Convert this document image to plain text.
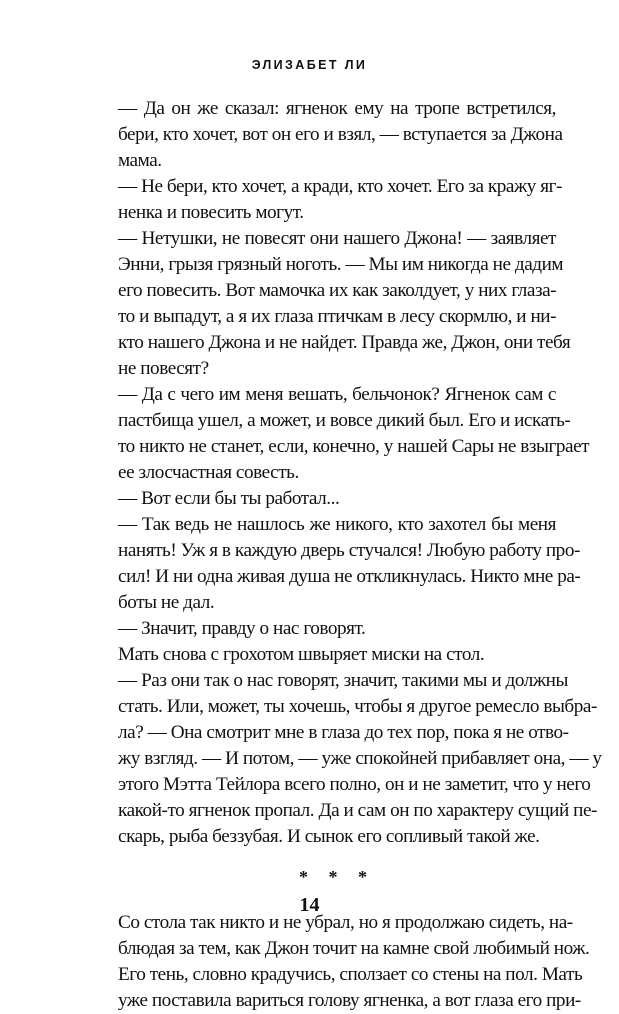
ЭЛИЗАБЕТ ЛИ
— Да он же сказал: ягненок ему на тропе встретился,
бери, кто хочет, вот он его и взял, — вступается за Джона
мама.
— Не бери, кто хочет, а кради, кто хочет. Его за кражу яг-
ненка и повесить могут.
— Нетушки, не повесят они нашего Джона! — заявляет
Энни, грызя грязный ноготь. — Мы им никогда не дадим
его повесить. Вот мамочка их как заколдует, у них глаза-
то и выпадут, а я их глаза птичкам в лесу скормлю, и ни-
кто нашего Джона и не найдет. Правда же, Джон, они тебя
не повесят?
— Да с чего им меня вешать, бельчонок? Ягненок сам с
пастбища ушел, а может, и вовсе дикий был. Его и искать-
то никто не станет, если, конечно, у нашей Сары не взыграет
ее злосчастная совесть.
— Вот если бы ты работал...
— Так ведь не нашлось же никого, кто захотел бы меня
нанять! Уж я в каждую дверь стучался! Любую работу про-
сил! И ни одна живая душа не откликнулась. Никто мне ра-
боты не дал.
— Значит, правду о нас говорят.
Мать снова с грохотом швыряет миски на стол.
— Раз они так о нас говорят, значит, такими мы и должны
стать. Или, может, ты хочешь, чтобы я другое ремесло выбра-
ла? — Она смотрит мне в глаза до тех пор, пока я не отво-
жу взгляд. — И потом, — уже спокойней прибавляет она, — у
этого Мэтта Тейлора всего полно, он и не заметит, что у него
какой-то ягненок пропал. Да и сам он по характеру сущий пе-
скарь, рыба беззубая. И сынок его сопливый такой же.
* * *
Со стола так никто и не убрал, но я продолжаю сидеть, на-
блюдая за тем, как Джон точит на камне свой любимый нож.
Его тень, словно крадучись, сползает со стены на пол. Мать
уже поставила вариться голову ягненка, а вот глаза его при-
14
